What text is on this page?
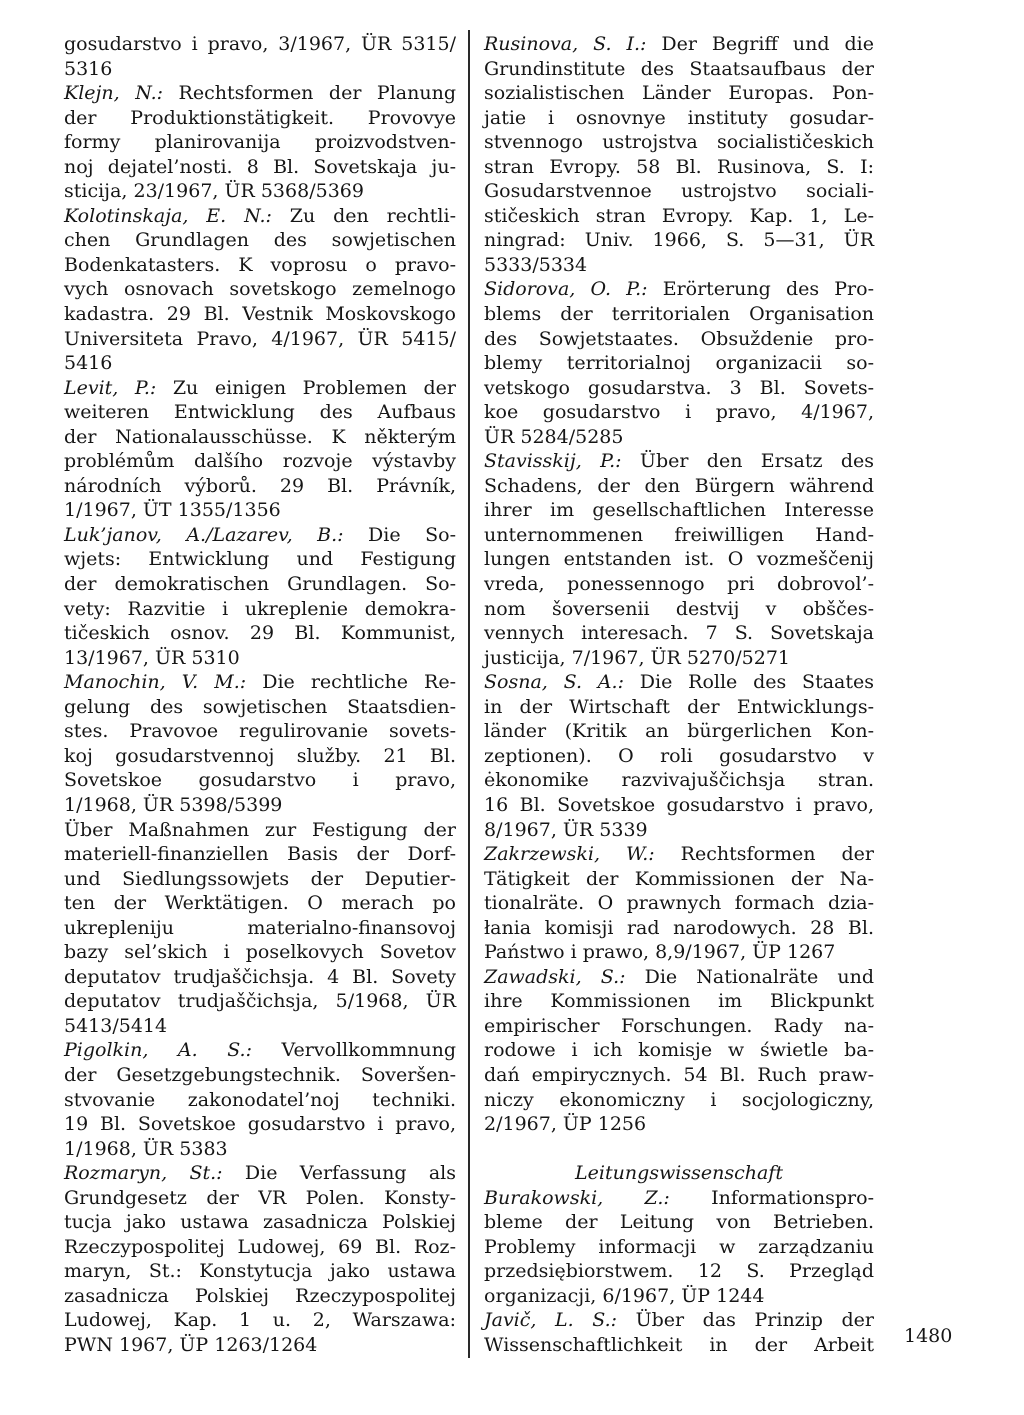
gosudarstvo i pravo, 3/1967, ÜR 5315/
5316
Klejn, N.: Rechtsformen der Planung
der Produktionstätigkeit. Provovye
formy planirovanija proizvodstven-
noj dejatel’nosti. 8 Bl. Sovetskaja ju-
sticija, 23/1967, ÜR 5368/5369
Kolotinskaja, E. N.: Zu den rechtli-
chen Grundlagen des sowjetischen
Bodenkatasters. K voprosu o pravo-
vych osnovach sovetskogo zemelnogo
kadastra. 29 Bl. Vestnik Moskovskogo
Universiteta Pravo, 4/1967, ÜR 5415/
5416
Levit, P.: Zu einigen Problemen der
weiteren Entwicklung des Aufbaus
der Nationalausschüsse. K některým
problémům dalšího rozvoje výstavby
národních výborů. 29 Bl. Právník,
1/1967, ÜT 1355/1356
Luk’janov, A./Lazarev, B.: Die So-
wjets: Entwicklung und Festigung
der demokratischen Grundlagen. So-
vety: Razvitie i ukreplenie demokra-
tičeskich osnov. 29 Bl. Kommunist,
13/1967, ÜR 5310
Manochin, V. M.: Die rechtliche Re-
gelung des sowjetischen Staatsdien-
stes. Pravovoe regulirovanie sovets-
koj gosudarstvennoj služby. 21 Bl.
Sovetskoe gosudarstvo i pravo,
1/1968, ÜR 5398/5399
Über Maßnahmen zur Festigung der
materiell-finanziellen Basis der Dorf-
und Siedlungssowjets der Deputier-
ten der Werktätigen. O merach po
ukrepleniju materialno-finansovoj
bazy sel’skich i poselkovych Sovetov
deputatov trudjaščichsja. 4 Bl. Sovety
deputatov trudjaščichsja, 5/1968, ÜR
5413/5414
Pigolkin, A. S.: Vervollkommnung
der Gesetzgebungstechnik. Soveršen-
stvovanie zakonodatel’noj techniki.
19 Bl. Sovetskoe gosudarstvo i pravo,
1/1968, ÜR 5383
Rozmaryn, St.: Die Verfassung als
Grundgesetz der VR Polen. Konsty-
tucja jako ustawa zasadnicza Polskiej
Rzeczypospolitej Ludowej, 69 Bl. Roz-
maryn, St.: Konstytucja jako ustawa
zasadnicza Polskiej Rzeczypospolitej
Ludowej, Kap. 1 u. 2, Warszawa:
PWN 1967, ÜP 1263/1264
Rusinova, S. I.: Der Begriff und die
Grundinstitute des Staatsaufbaus der
sozialistischen Länder Europas. Pon-
jatie i osnovnye instituty gosudar-
stvennogo ustrojstva socialističeskich
stran Evropy. 58 Bl. Rusinova, S. I:
Gosudarstvennoe ustrojstvo sociali-
stičeskich stran Evropy. Kap. 1, Le-
ningrad: Univ. 1966, S. 5—31, ÜR
5333/5334
Sidorova, O. P.: Erörterung des Pro-
blems der territorialen Organisation
des Sowjetstaates. Obsuždenie pro-
blemy territorialnoj organizacii so-
vetskogo gosudarstva. 3 Bl. Sovets-
koe gosudarstvo i pravo, 4/1967,
ÜR 5284/5285
Stavisskij, P.: Über den Ersatz des
Schadens, der den Bürgern während
ihrer im gesellschaftlichen Interesse
unternommenen freiwilligen Hand-
lungen entstanden ist. O vozmeščenij
vreda, ponessennogo pri dobrovol’-
nom šoversenii destvij v obščes-
vennych interesach. 7 S. Sovetskaja
justicija, 7/1967, ÜR 5270/5271
Sosna, S. A.: Die Rolle des Staates
in der Wirtschaft der Entwicklungs-
länder (Kritik an bürgerlichen Kon-
zeptionen). O roli gosudarstvo v
ėkonomike razvivajuščichsja stran.
16 Bl. Sovetskoe gosudarstvo i pravo,
8/1967, ÜR 5339
Zakrzewski, W.: Rechtsformen der
Tätigkeit der Kommissionen der Na-
tionalräte. O prawnych formach dzia-
łania komisji rad narodowych. 28 Bl.
Państwo i prawo, 8,9/1967, ÜP 1267
Zawadski, S.: Die Nationalräte und
ihre Kommissionen im Blickpunkt
empirischer Forschungen. Rady na-
rodowe i ich komisje w świetle ba-
dań empirycznych. 54 Bl. Ruch praw-
niczy ekonomiczny i socjologiczny,
2/1967, ÜP 1256
Leitungswissenschaft
Burakowski, Z.: Informationspro-
bleme der Leitung von Betrieben.
Problemy informacji w zarządzaniu
przedsiębiorstwem. 12 S. Przegląd
organizacji, 6/1967, ÜP 1244
Javič, L. S.: Über das Prinzip der
Wissenschaftlichkeit in der Arbeit 1480
